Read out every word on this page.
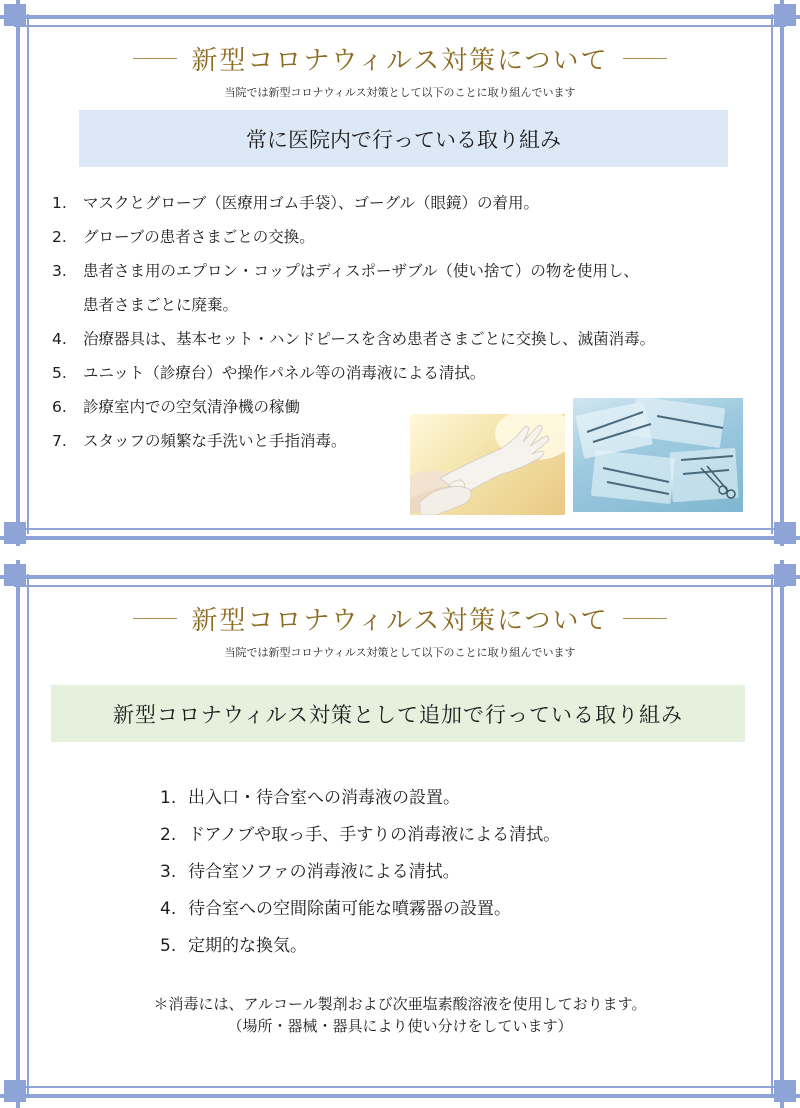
新型コロナウィルス対策について
当院では新型コロナウィルス対策として以下のことに取り組んでいます
常に医院内で行っている取り組み
1.	マスクとグローブ（医療用ゴム手袋）、ゴーグル（眼鏡）の着用。
2.	グローブの患者さまごとの交換。
3.	患者さま用のエプロン・コップはディスポーザブル（使い捨て）の物を使用し、
患者さまごとに廃棄。
4.	治療器具は、基本セット・ハンドピースを含め患者さまごとに交換し、滅菌消毒。
5.	ユニット（診療台）や操作パネル等の消毒液による清拭。
6.	診療室内での空気清浄機の稼働
7.	スタッフの頻繁な手洗いと手指消毒。
新型コロナウィルス対策について
当院では新型コロナウィルス対策として以下のことに取り組んでいます
新型コロナウィルス対策として追加で行っている取り組み
1. 出入口・待合室への消毒液の設置。
2. ドアノブや取っ手、手すりの消毒液による清拭。
3. 待合室ソファの消毒液による清拭。
4. 待合室への空間除菌可能な噴霧器の設置。
5. 定期的な換気。
＊消毒には、アルコール製剤および次亜塩素酸溶液を使用しております。
（場所・器械・器具により使い分けをしています）
